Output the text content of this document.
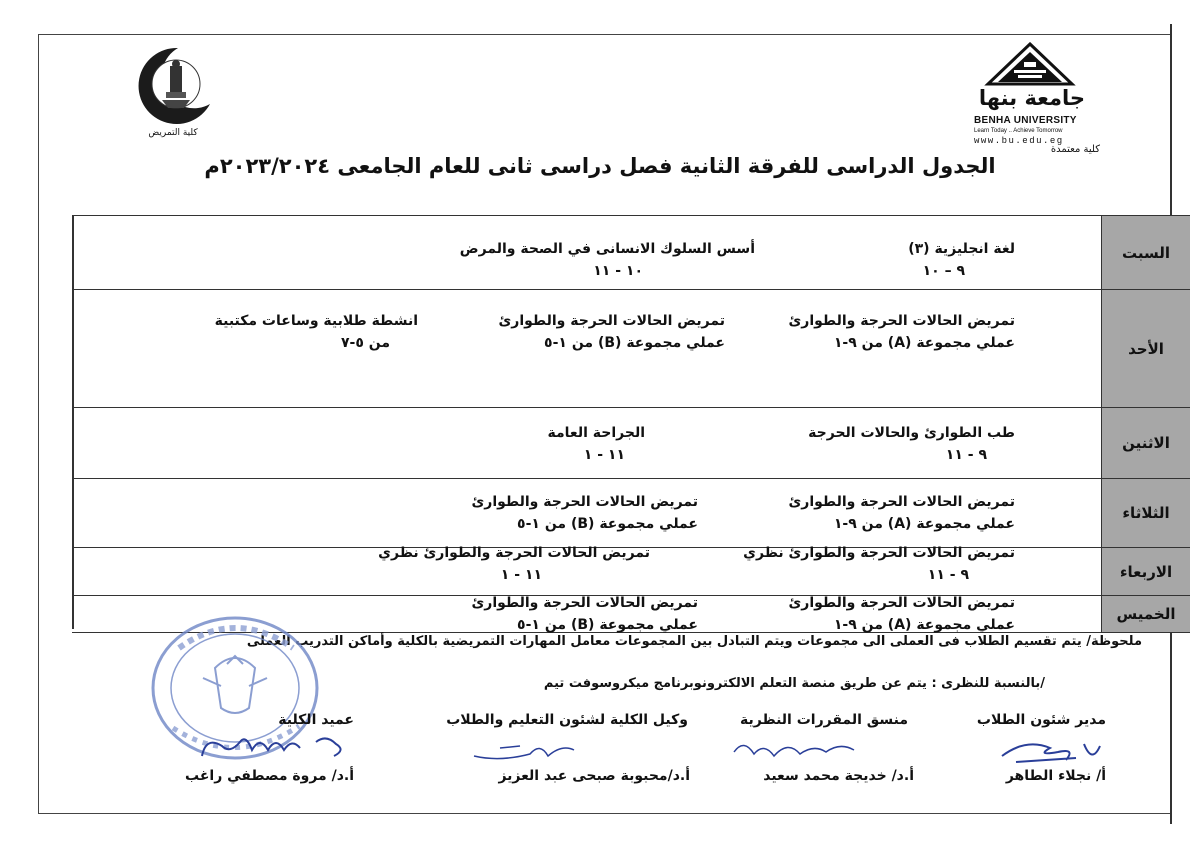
جامعة بنها
BENHA UNIVERSITY
Learn Today .. Achieve Tomorrow
www.bu.edu.eg
كلية معتمدة
كلية التمريض
الجدول الدراسى للفرقة الثانية فصل دراسى ثانى للعام الجامعى ٢٠٢٣/٢٠٢٤م
السبت
لغة انجليزية (٣)
٩ – ١٠
أسس السلوك الانسانى في الصحة والمرض
١٠ - ١١
الأحد
تمريض الحالات الحرجة والطوارئ
عملي مجموعة (A) من ٩-١
تمريض الحالات الحرجة والطوارئ
عملي مجموعة (B) من ١-٥
انشطة طلابية وساعات مكتبية
من ٥-٧
الاثنين
طب الطوارئ والحالات الحرجة
٩ - ١١
الجراحة العامة
١١ - ١
الثلاثاء
تمريض الحالات الحرجة والطوارئ
عملي مجموعة (A) من ٩-١
تمريض الحالات الحرجة والطوارئ
عملي مجموعة (B) من ١-٥
الاربعاء
تمريض الحالات الحرجة والطوارئ نظري
٩ - ١١
تمريض الحالات الحرجة والطوارئ نظري
١١ - ١
الخميس
تمريض الحالات الحرجة والطوارئ
عملي مجموعة (A) من ٩-١
تمريض الحالات الحرجة والطوارئ
عملي مجموعة (B) من ١-٥
ملحوظة/ يتم تقسيم الطلاب فى العملى الى مجموعات ويتم التبادل بين المجموعات معامل المهارات التمريضية بالكلية وأماكن التدريب العملى
/بالنسبة للنظرى : يتم عن طريق منصة التعلم الالكترونوبرنامج ميكروسوفت تيم
مدير شئون الطلاب
منسق المقررات النظرية
وكيل الكلية لشئون التعليم والطلاب
عميد الكلية
أ/ نجلاء الطاهر
أ.د/ خديجة محمد سعيد
أ.د/محبوبة صبحى عبد العزيز
أ.د/ مروة مصطفي راغب
